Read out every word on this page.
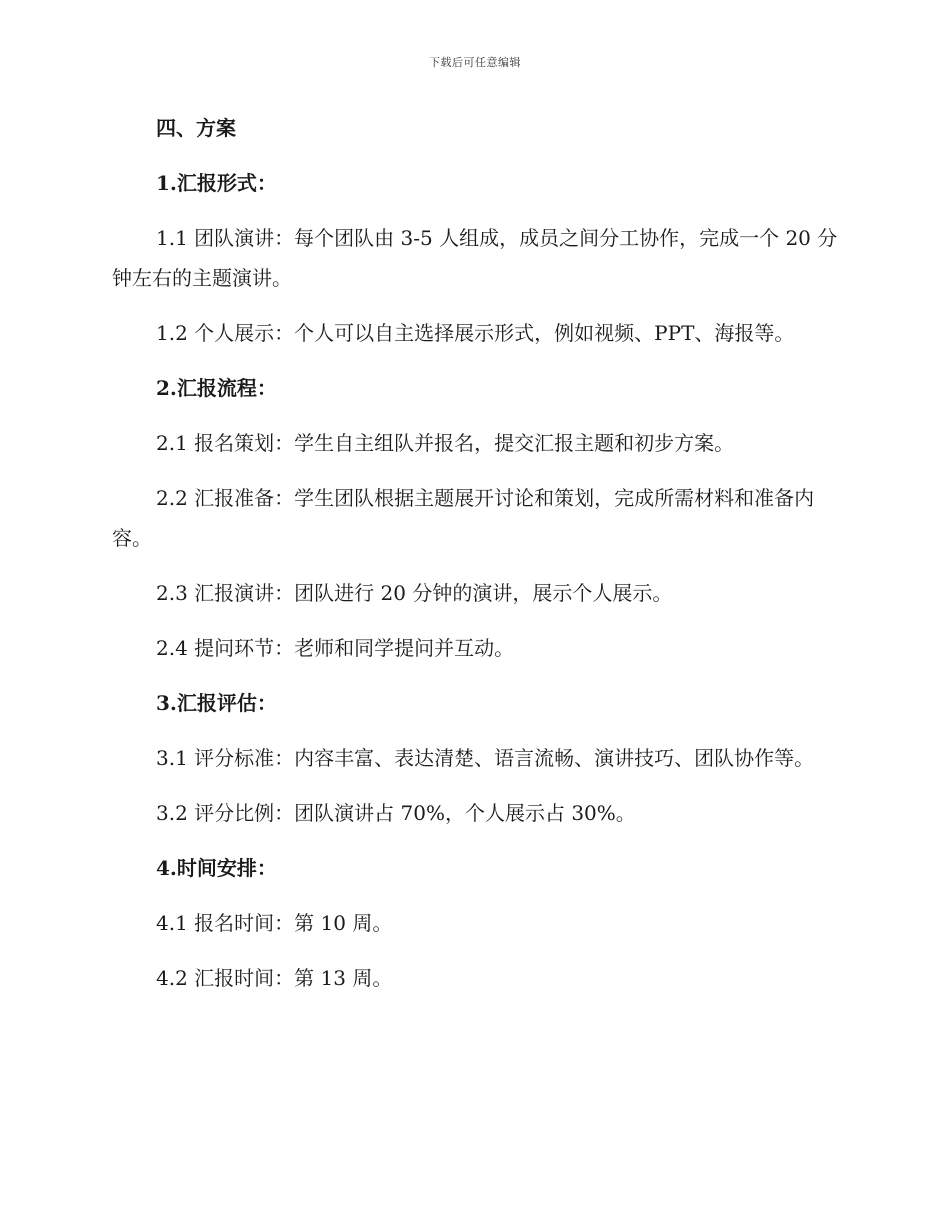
下载后可任意编辑

四、方案

1.汇报形式：

1.1 团队演讲：每个团队由 3-5 人组成，成员之间分工协作，完成一个 20 分钟左右的主题演讲。

1.2 个人展示：个人可以自主选择展示形式，例如视频、PPT、海报等。

2.汇报流程：

2.1 报名策划：学生自主组队并报名，提交汇报主题和初步方案。

2.2 汇报准备：学生团队根据主题展开讨论和策划，完成所需材料和准备内容。

2.3 汇报演讲：团队进行 20 分钟的演讲，展示个人展示。

2.4 提问环节：老师和同学提问并互动。

3.汇报评估：

3.1 评分标准：内容丰富、表达清楚、语言流畅、演讲技巧、团队协作等。

3.2 评分比例：团队演讲占 70%，个人展示占 30%。

4.时间安排：

4.1 报名时间：第 10 周。

4.2 汇报时间：第 13 周。
